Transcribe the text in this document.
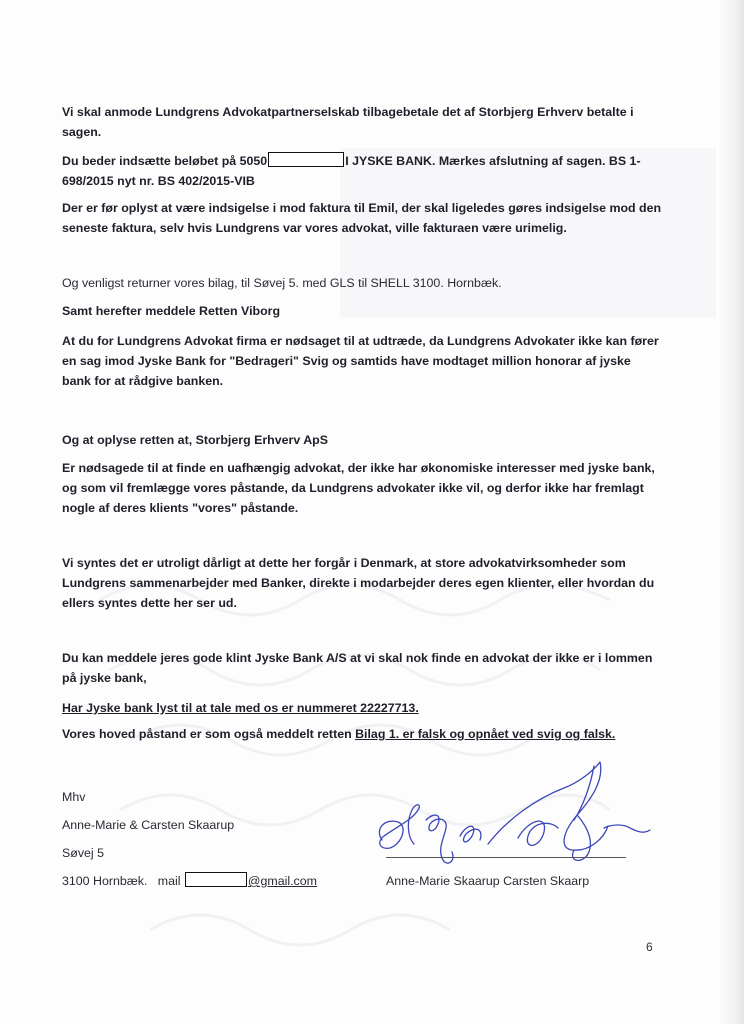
Vi skal anmode Lundgrens Advokatpartnerselskab tilbagebetale det af Storbjerg Erhverv betalte i sagen.

Du beder indsætte beløbet på 5050	I JYSKE BANK. Mærkes afslutning af sagen. BS 1-698/2015 nyt nr. BS 402/2015-VIB

Der er før oplyst at være indsigelse i mod faktura til Emil, der skal ligeledes gøres indsigelse mod den seneste faktura, selv hvis Lundgrens var vores advokat, ville fakturaen være urimelig.

Og venligst returner vores bilag, til Søvej 5. med GLS til SHELL 3100. Hornbæk.

Samt herefter meddele Retten Viborg

At du for Lundgrens Advokat firma er nødsaget til at udtræde, da Lundgrens Advokater ikke kan fører en sag imod Jyske Bank for "Bedrageri" Svig og samtids have modtaget million honorar af jyske bank for at rådgive banken.

Og at oplyse retten at, Storbjerg Erhverv ApS

Er nødsagede til at finde en uafhængig advokat, der ikke har økonomiske interesser med jyske bank, og som vil fremlægge vores påstande, da Lundgrens advokater ikke vil, og derfor ikke har fremlagt nogle af deres klients "vores" påstande.

Vi syntes det er utroligt dårligt at dette her forgår i Denmark, at store advokatvirksomheder som Lundgrens sammenarbejder med Banker, direkte i modarbejder deres egen klienter, eller hvordan du ellers syntes dette her ser ud.

Du kan meddele jeres gode klint Jyske Bank A/S at vi skal nok finde en advokat der ikke er i lommen på jyske bank,

Har Jyske bank lyst til at tale med os er nummeret 22227713.

Vores hoved påstand er som også meddelt retten Bilag 1. er falsk og opnået ved svig og falsk.

Mhv
Anne-Marie & Carsten Skaarup
Søvej 5
3100 Hornbæk. mail	@gmail.com	Anne-Marie Skaarup Carsten Skaarp
6
